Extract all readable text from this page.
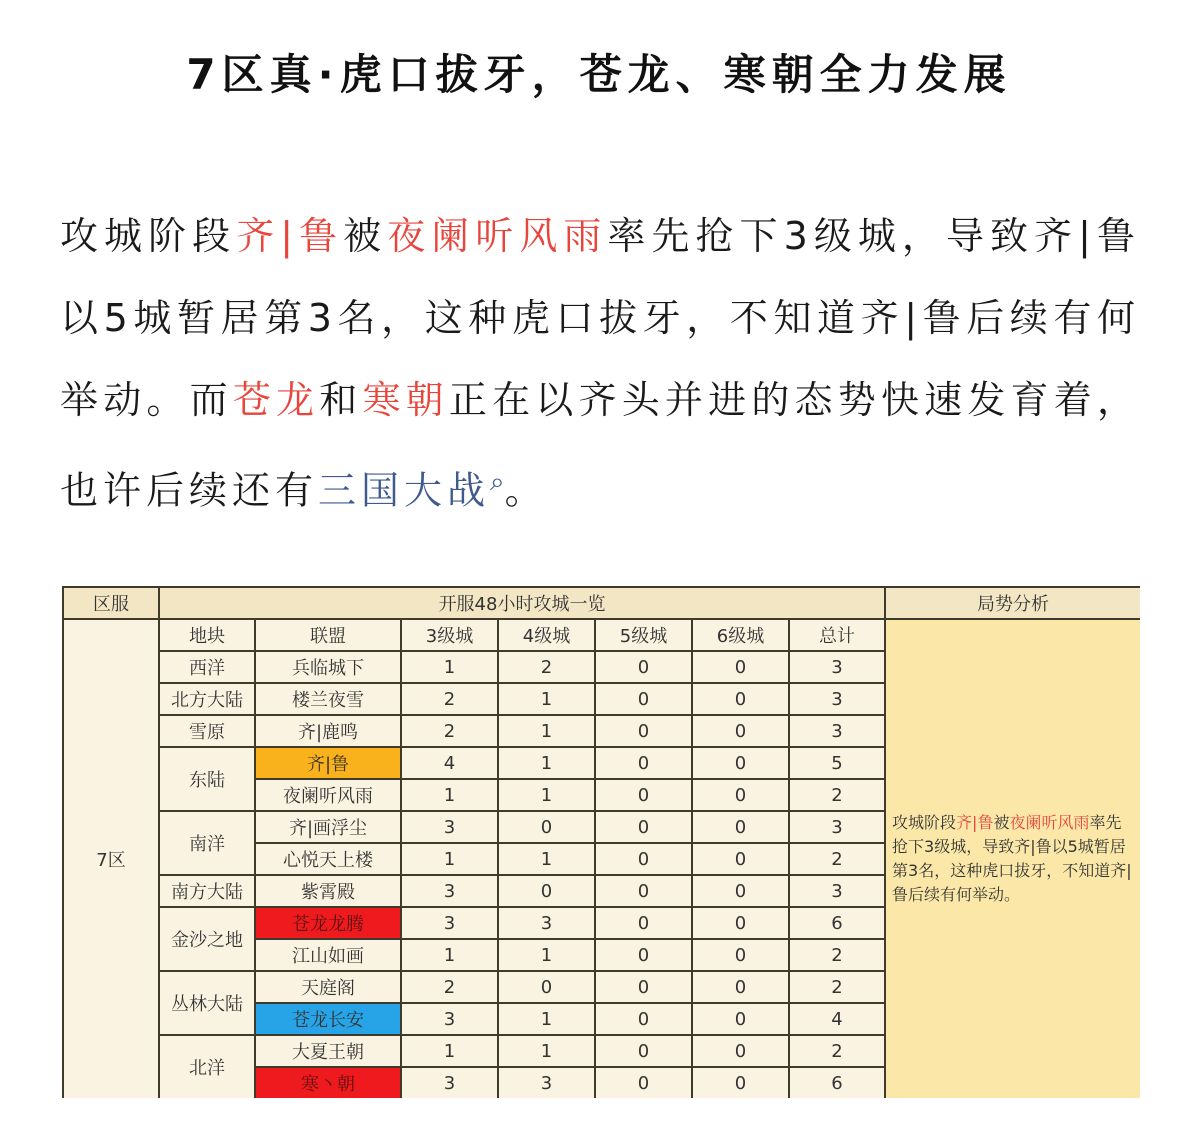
7区真·虎口拔牙，苍龙、寒朝全力发展
攻城阶段齐|鲁被夜阑听风雨率先抢下3级城，导致齐|鲁以5城暂居第3名，这种虎口拔牙，不知道齐|鲁后续有何举动。而苍龙和寒朝正在以齐头并进的态势快速发育着，也许后续还有三国大战⌕。
区服	开服48小时攻城一览							局势分析
7区	地块	联盟	3级城	4级城	5级城	6级城	总计	攻城阶段齐|鲁被夜阑听风雨率先抢下3级城，导致齐|鲁以5城暂居第3名，这种虎口拔牙，不知道齐|鲁后续有何举动。
	西洋	兵临城下	1	2	0	0	3	
	北方大陆	楼兰夜雪	2	1	0	0	3	
	雪原	齐|鹿鸣	2	1	0	0	3	
	东陆	齐|鲁	4	1	0	0	5	
		夜阑听风雨	1	1	0	0	2	
	南洋	齐|画浮尘	3	0	0	0	3	
		心悦天上楼	1	1	0	0	2	
	南方大陆	紫霄殿	3	0	0	0	3	
	金沙之地	苍龙龙腾	3	3	0	0	6	
		江山如画	1	1	0	0	2	
	丛林大陆	天庭阁	2	0	0	0	2	
		苍龙长安	3	1	0	0	4	
	北洋	大夏王朝	1	1	0	0	2	
		寒丶朝	3	3	0	0	6	
